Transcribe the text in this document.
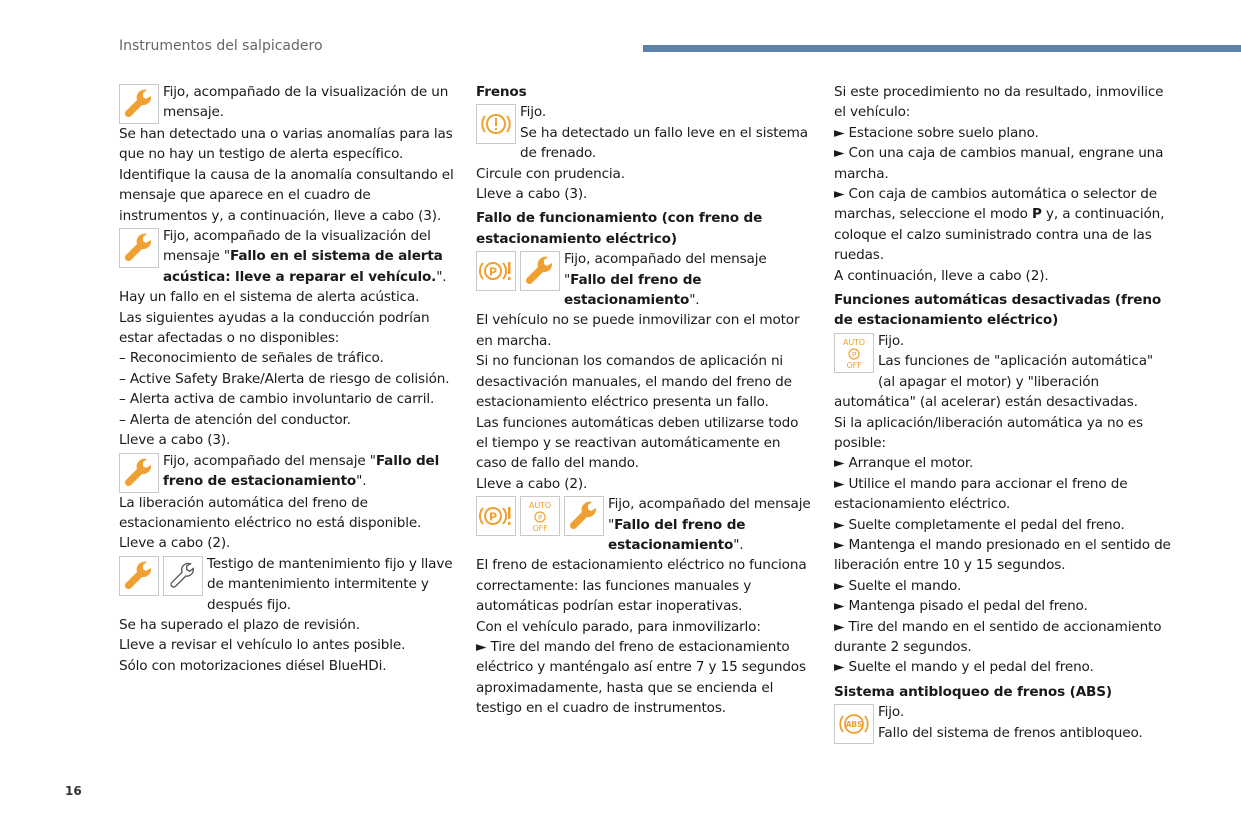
Instrumentos del salpicadero

Fijo, acompañado de la visualización de un mensaje.

Se han detectado una o varias anomalías para las que no hay un testigo de alerta específico. Identifique la causa de la anomalía consultando el mensaje que aparece en el cuadro de instrumentos y, a continuación, lleve a cabo (3).

Fijo, acompañado de la visualización del mensaje "Fallo en el sistema de alerta acústica: lleve a reparar el vehículo.".

Hay un fallo en el sistema de alerta acústica.

Las siguientes ayudas a la conducción podrían estar afectadas o no disponibles:

– Reconocimiento de señales de tráfico.

– Active Safety Brake/Alerta de riesgo de colisión.

– Alerta activa de cambio involuntario de carril.

– Alerta de atención del conductor.

Lleve a cabo (3).

Fijo, acompañado del mensaje "Fallo del freno de estacionamiento".

La liberación automática del freno de estacionamiento eléctrico no está disponible.

Lleve a cabo (2).

Testigo de mantenimiento fijo y llave de mantenimiento intermitente y después fijo.

Se ha superado el plazo de revisión.

Lleve a revisar el vehículo lo antes posible.

Sólo con motorizaciones diésel BlueHDi.

Frenos

Fijo.

Se ha detectado un fallo leve en el sistema de frenado.

Circule con prudencia.

Lleve a cabo (3).

Fallo de funcionamiento (con freno de estacionamiento eléctrico)

P

Fijo, acompañado del mensaje "Fallo del freno de estacionamiento".

El vehículo no se puede inmovilizar con el motor en marcha.

Si no funcionan los comandos de aplicación ni desactivación manuales, el mando del freno de estacionamiento eléctrico presenta un fallo.

Las funciones automáticas deben utilizarse todo el tiempo y se reactivan automáticamente en caso de fallo del mando.

Lleve a cabo (2).

P
AUTO
P
OFF

Fijo, acompañado del mensaje "Fallo del freno de estacionamiento".

El freno de estacionamiento eléctrico no funciona correctamente: las funciones manuales y automáticas podrían estar inoperativas.

Con el vehículo parado, para inmovilizarlo:

► Tire del mando del freno de estacionamiento eléctrico y manténgalo así entre 7 y 15 segundos aproximadamente, hasta que se encienda el testigo en el cuadro de instrumentos.

Si este procedimiento no da resultado, inmovilice el vehículo:

► Estacione sobre suelo plano.

► Con una caja de cambios manual, engrane una marcha.

► Con caja de cambios automática o selector de marchas, seleccione el modo P y, a continuación, coloque el calzo suministrado contra una de las ruedas.

A continuación, lleve a cabo (2).

Funciones automáticas desactivadas (freno de estacionamiento eléctrico)

AUTO
P
OFF

Fijo.

Las funciones de "aplicación automática" (al apagar el motor) y "liberación automática" (al acelerar) están desactivadas.

Si la aplicación/liberación automática ya no es posible:

► Arranque el motor.

► Utilice el mando para accionar el freno de estacionamiento eléctrico.

► Suelte completamente el pedal del freno.

► Mantenga el mando presionado en el sentido de liberación entre 10 y 15 segundos.

► Suelte el mando.

► Mantenga pisado el pedal del freno.

► Tire del mando en el sentido de accionamiento durante 2 segundos.

► Suelte el mando y el pedal del freno.

Sistema antibloqueo de frenos (ABS)

ABS

Fijo.

Fallo del sistema de frenos antibloqueo.

16
